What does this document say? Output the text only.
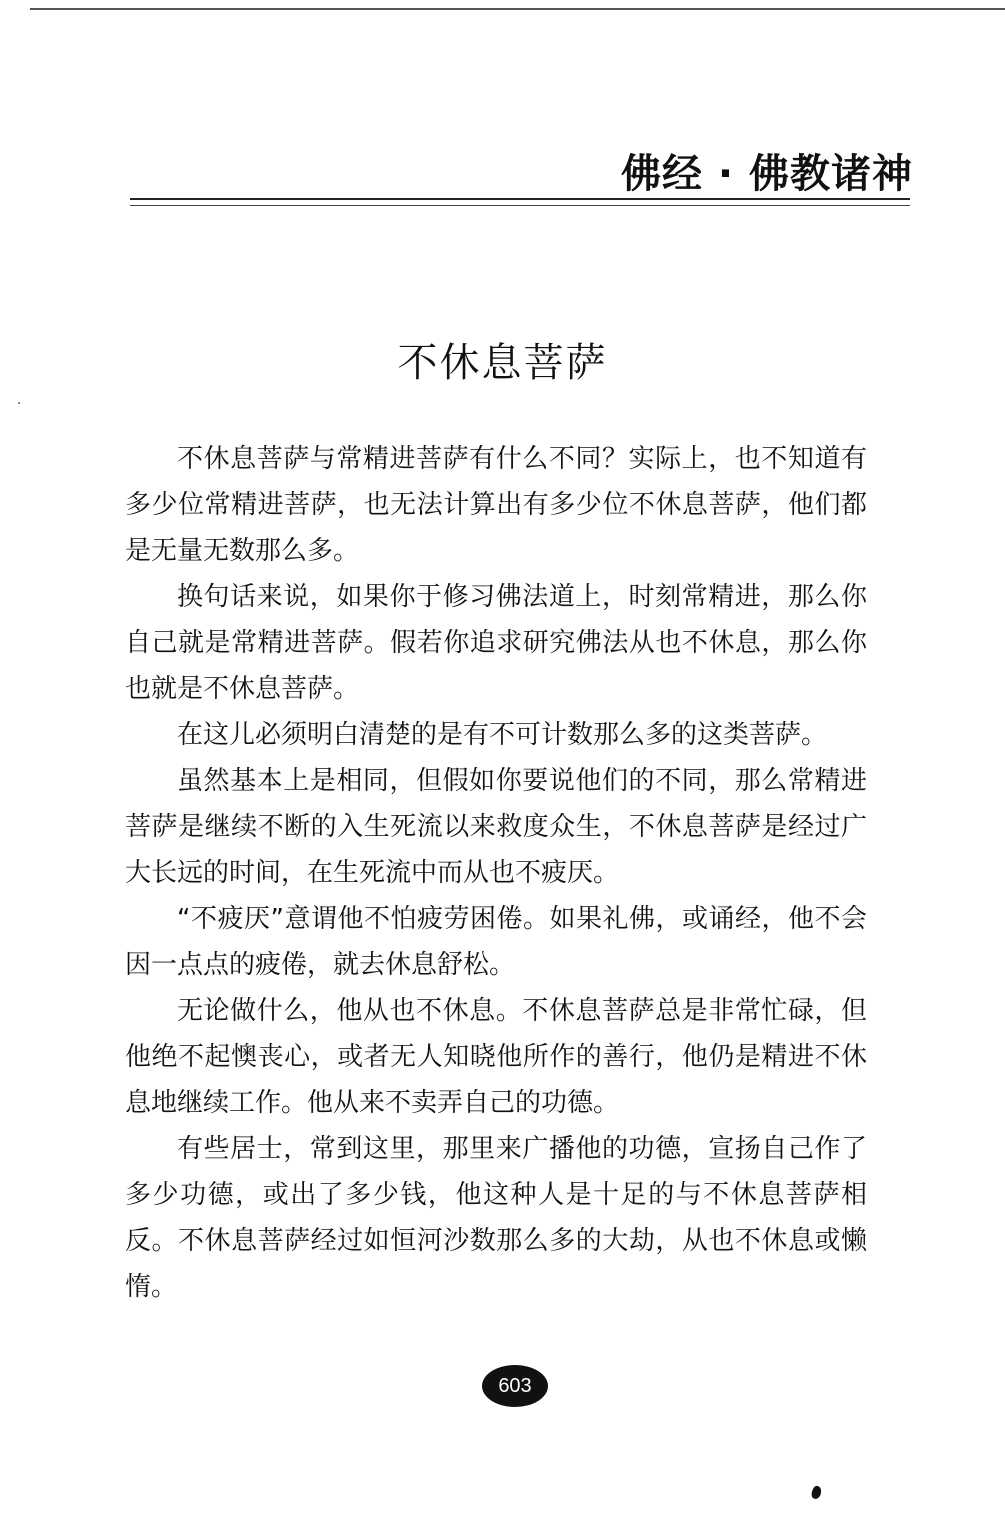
佛经 · 佛教诸神
不休息菩萨

不休息菩萨与常精进菩萨有什么不同？实际上，也不知道有多少位常精进菩萨，也无法计算出有多少位不休息菩萨，他们都是无量无数那么多。

换句话来说，如果你于修习佛法道上，时刻常精进，那么你自己就是常精进菩萨。假若你追求研究佛法从也不休息，那么你也就是不休息菩萨。

在这儿必须明白清楚的是有不可计数那么多的这类菩萨。

虽然基本上是相同，但假如你要说他们的不同，那么常精进菩萨是继续不断的入生死流以来救度众生，不休息菩萨是经过广大长远的时间，在生死流中而从也不疲厌。

“不疲厌”意谓他不怕疲劳困倦。如果礼佛，或诵经，他不会因一点点的疲倦，就去休息舒松。

无论做什么，他从也不休息。不休息菩萨总是非常忙碌，但他绝不起懊丧心，或者无人知晓他所作的善行，他仍是精进不休息地继续工作。他从来不卖弄自己的功德。

有些居士，常到这里，那里来广播他的功德，宣扬自己作了多少功德，或出了多少钱，他这种人是十足的与不休息菩萨相反。不休息菩萨经过如恒河沙数那么多的大劫，从也不休息或懒惰。

603
